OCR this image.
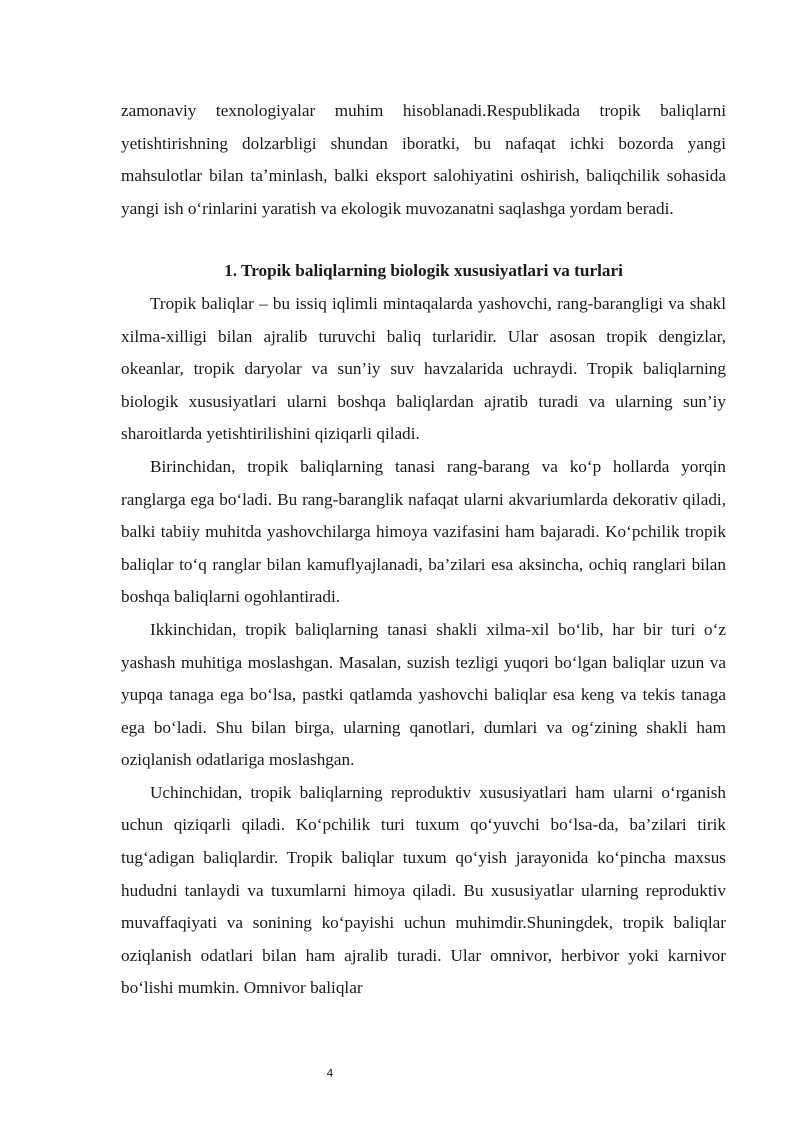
zamonaviy texnologiyalar muhim hisoblanadi.Respublikada tropik baliqlarni yetishtirishning dolzarbligi shundan iboratki, bu nafaqat ichki bozorda yangi mahsulotlar bilan taʼminlash, balki eksport salohiyatini oshirish, baliqchilik sohasida yangi ish oʻrinlarini yaratish va ekologik muvozanatni saqlashga yordam beradi.

1. Tropik baliqlarning biologik xususiyatlari va turlari

Tropik baliqlar – bu issiq iqlimli mintaqalarda yashovchi, rang-barangligi va shakl xilma-xilligi bilan ajralib turuvchi baliq turlaridir. Ular asosan tropik dengizlar, okeanlar, tropik daryolar va sun’iy suv havzalarida uchraydi. Tropik baliqlarning biologik xususiyatlari ularni boshqa baliqlardan ajratib turadi va ularning sun’iy sharoitlarda yetishtirilishini qiziqarli qiladi.

Birinchidan, tropik baliqlarning tanasi rang-barang va koʻp hollarda yorqin ranglarga ega boʻladi. Bu rang-baranglik nafaqat ularni akvariumlarda dekorativ qiladi, balki tabiiy muhitda yashovchilarga himoya vazifasini ham bajaradi. Koʻpchilik tropik baliqlar toʻq ranglar bilan kamuflyajlanadi, ba’zilari esa aksincha, ochiq ranglari bilan boshqa baliqlarni ogohlantiradi.

Ikkinchidan, tropik baliqlarning tanasi shakli xilma-xil boʻlib, har bir turi oʻz yashash muhitiga moslashgan. Masalan, suzish tezligi yuqori boʻlgan baliqlar uzun va yupqa tanaga ega boʻlsa, pastki qatlamda yashovchi baliqlar esa keng va tekis tanaga ega boʻladi. Shu bilan birga, ularning qanotlari, dumlari va ogʻzining shakli ham oziqlanish odatlariga moslashgan.

Uchinchidan, tropik baliqlarning reproduktiv xususiyatlari ham ularni oʻrganish uchun qiziqarli qiladi. Koʻpchilik turi tuxum qoʻyuvchi boʻlsa-da, ba’zilari tirik tugʻadigan baliqlardir. Tropik baliqlar tuxum qoʻyish jarayonida koʻpincha maxsus hududni tanlaydi va tuxumlarni himoya qiladi. Bu xususiyatlar ularning reproduktiv muvaffaqiyati va sonining koʻpayishi uchun muhimdir.Shuningdek, tropik baliqlar oziqlanish odatlari bilan ham ajralib turadi. Ular omnivor, herbivor yoki karnivor boʻlishi mumkin. Omnivor baliqlar

4
